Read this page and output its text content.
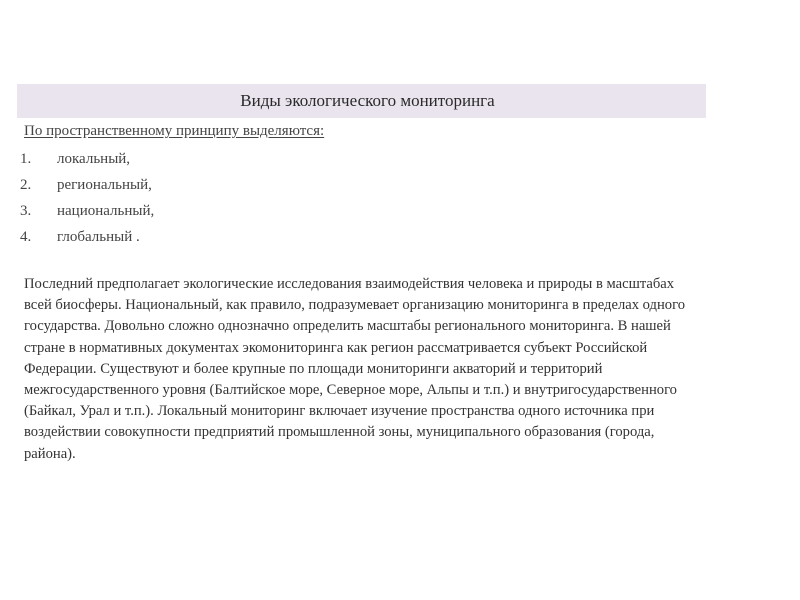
Виды экологического мониторинга
По пространственному принципу выделяются:
1.	локальный,
2.	региональный,
3.	национальный,
4.	глобальный .

Последний предполагает экологические исследования взаимодействия человека и природы в масштабах
всей биосферы. Национальный, как правило, подразумевает организацию мониторинга в пределах одного
государства. Довольно сложно однозначно определить масштабы регионального мониторинга. В нашей
стране в нормативных документах экомониторинга как регион рассматривается субъект Российской
Федерации. Существуют и более крупные по площади мониторинги акваторий и территорий
межгосударственного уровня (Балтийское море, Северное море, Альпы и т.п.) и внутригосударственного
(Байкал, Урал и т.п.). Локальный мониторинг включает изучение пространства одного источника при
воздействии совокупности предприятий промышленной зоны, муниципального образования (города,
района).
